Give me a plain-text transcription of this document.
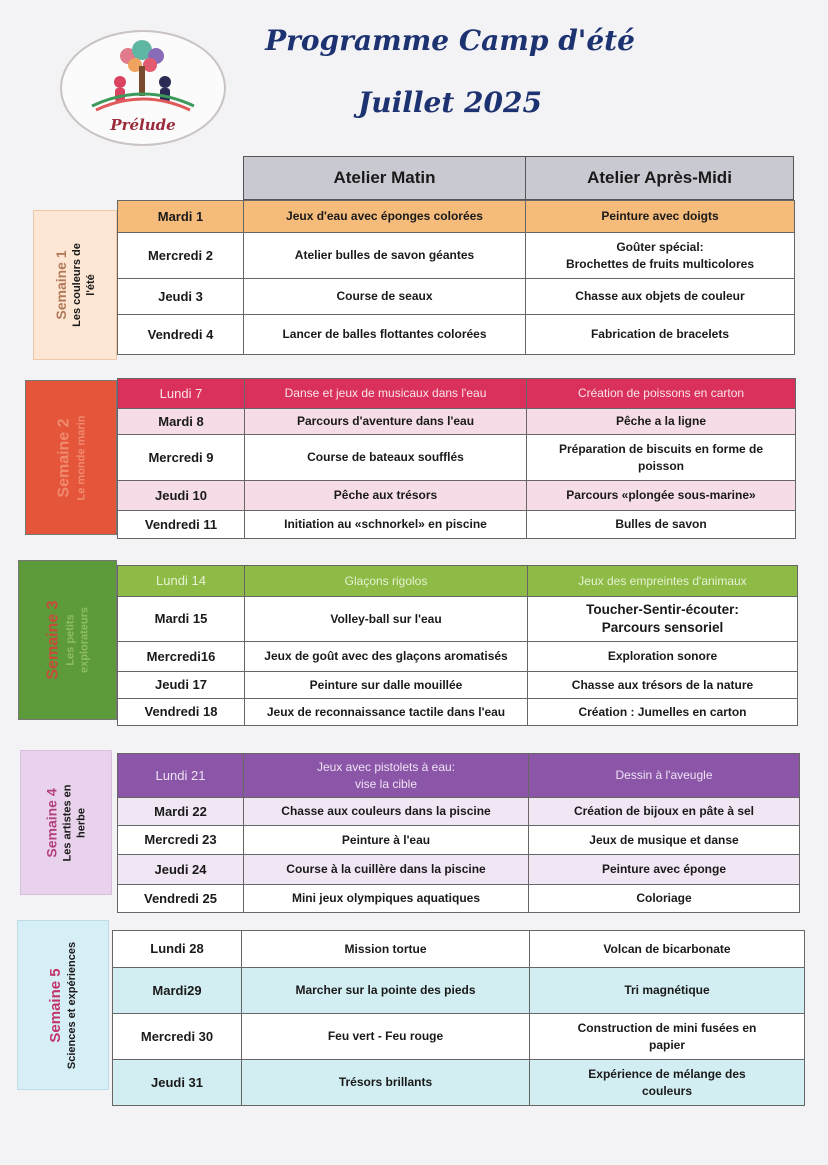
Prélude
Programme Camp d'été
Juillet 2025
Atelier Matin	Atelier Après-Midi
Semaine 1 Les couleurs de l'été
Mardi 1	Jeux d'eau avec éponges colorées	Peinture avec doigts
Mercredi 2	Atelier bulles de savon géantes	Goûter spécial:
Brochettes de fruits multicolores
Jeudi 3	Course de seaux	Chasse aux objets de couleur
Vendredi 4	Lancer de balles flottantes colorées	Fabrication de bracelets
Semaine 2 Le monde marin
Lundi 7	Danse et jeux de musicaux dans l'eau	Création de poissons en carton
Mardi 8	Parcours d'aventure dans l'eau	Pêche a la ligne
Mercredi 9	Course de bateaux soufflés	Préparation de biscuits en forme de
poisson
Jeudi 10	Pêche aux trésors	Parcours «plongée sous-marine»
Vendredi 11	Initiation au «schnorkel» en piscine	Bulles de savon
Semaine 3 Les petits explorateurs
Lundi 14	Glaçons rigolos	Jeux des empreintes d'animaux
Mardi 15	Volley-ball sur l'eau	Toucher-Sentir-écouter:
Parcours sensoriel
Mercredi16	Jeux de goût avec des glaçons aromatisés	Exploration sonore
Jeudi 17	Peinture sur dalle mouillée	Chasse aux trésors de la nature
Vendredi 18	Jeux de reconnaissance tactile dans l'eau	Création : Jumelles en carton
Semaine 4 Les artistes en herbe
Lundi 21	Jeux avec pistolets à eau:
vise la cible	Dessin à l'aveugle
Mardi 22	Chasse aux couleurs dans la piscine	Création de bijoux en pâte à sel
Mercredi 23	Peinture à l'eau	Jeux de musique et danse
Jeudi 24	Course à la cuillère dans la piscine	Peinture avec éponge
Vendredi 25	Mini jeux olympiques aquatiques	Coloriage
Semaine 5 Sciences et expériences	Lundi 28	Mission tortue	Volcan de bicarbonate
Mardi29	Marcher sur la pointe des pieds	Tri magnétique
Mercredi 30	Feu vert - Feu rouge	Construction de mini fusées en
papier
Jeudi 31	Trésors brillants	Expérience de mélange des
couleurs
